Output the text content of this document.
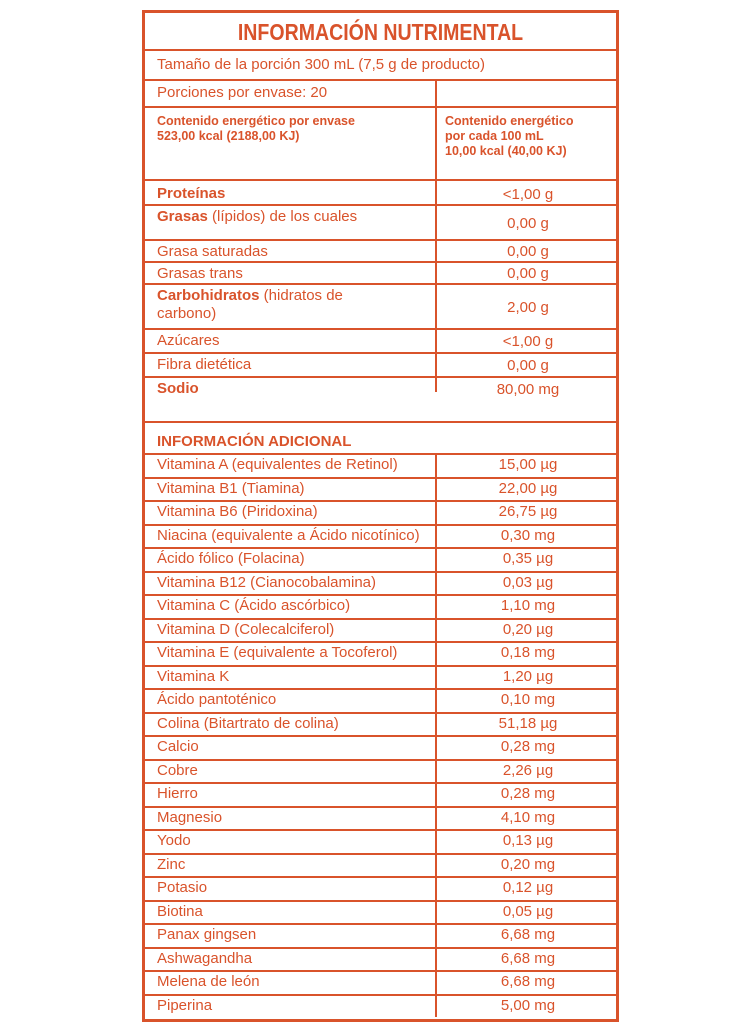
INFORMACIÓN NUTRIMENTAL
Tamaño de la porción 300 mL (7,5 g de producto)
Porciones por envase: 20
Contenido energético por envase
523,00 kcal (2188,00 KJ)
Contenido energético
por cada 100 mL
10,00 kcal (40,00 KJ)
Proteínas	<1,00 g
Grasas (lípidos) de los cuales	0,00 g
Grasa saturadas	0,00 g
Grasas trans	0,00 g
Carbohidratos (hidratos de
carbono)	2,00 g
Azúcares	<1,00 g
Fibra dietética	0,00 g
Sodio	80,00 mg
INFORMACIÓN ADICIONAL
Vitamina A (equivalentes de Retinol)	15,00 µg
Vitamina B1 (Tiamina)	22,00 µg
Vitamina B6 (Piridoxina)	26,75 µg
Niacina (equivalente a Ácido nicotínico)	0,30 mg
Ácido fólico (Folacina)	0,35 µg
Vitamina B12 (Cianocobalamina)	0,03 µg
Vitamina C (Ácido ascórbico)	1,10 mg
Vitamina D (Colecalciferol)	0,20 µg
Vitamina E (equivalente a Tocoferol)	0,18 mg
Vitamina K	1,20 µg
Ácido pantoténico	0,10 mg
Colina (Bitartrato de colina)	51,18 µg
Calcio	0,28 mg
Cobre	2,26 µg
Hierro	0,28 mg
Magnesio	4,10 mg
Yodo	0,13 µg
Zinc	0,20 mg
Potasio	0,12 µg
Biotina	0,05 µg
Panax gingsen	6,68 mg
Ashwagandha	6,68 mg
Melena de león	6,68 mg
Piperina	5,00 mg
